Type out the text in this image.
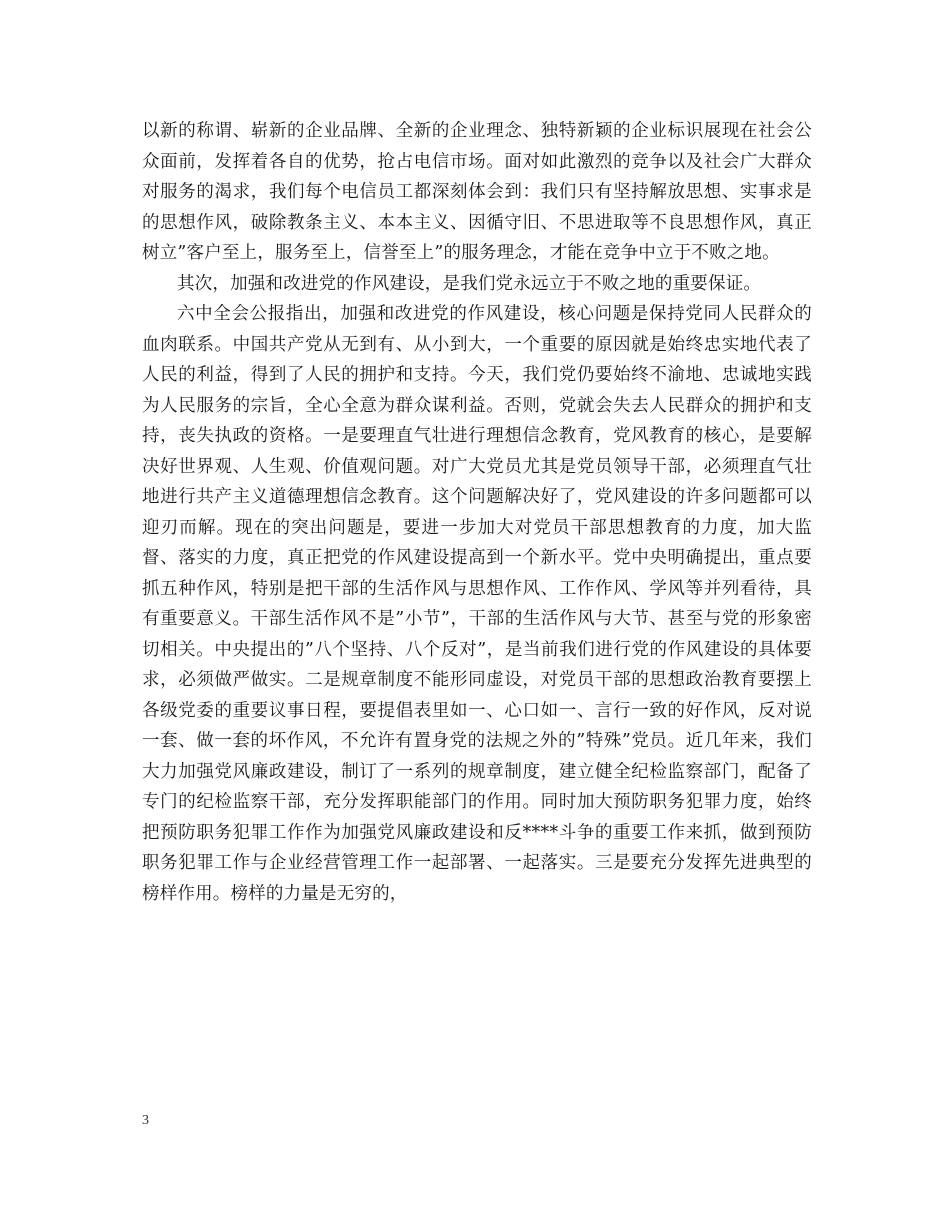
以新的称谓、崭新的企业品牌、全新的企业理念、独特新颖的企业标识展现在社会公众面前，发挥着各自的优势，抢占电信市场。面对如此激烈的竞争以及社会广大群众对服务的渴求，我们每个电信员工都深刻体会到：我们只有坚持解放思想、实事求是的思想作风，破除教条主义、本本主义、因循守旧、不思进取等不良思想作风，真正树立”客户至上，服务至上，信誉至上”的服务理念，才能在竞争中立于不败之地。

其次，加强和改进党的作风建设，是我们党永远立于不败之地的重要保证。

六中全会公报指出，加强和改进党的作风建设，核心问题是保持党同人民群众的血肉联系。中国共产党从无到有、从小到大，一个重要的原因就是始终忠实地代表了人民的利益，得到了人民的拥护和支持。今天，我们党仍要始终不渝地、忠诚地实践为人民服务的宗旨，全心全意为群众谋利益。否则，党就会失去人民群众的拥护和支持，丧失执政的资格。一是要理直气壮进行理想信念教育，党风教育的核心，是要解决好世界观、人生观、价值观问题。对广大党员尤其是党员领导干部，必须理直气壮地进行共产主义道德理想信念教育。这个问题解决好了，党风建设的许多问题都可以迎刃而解。现在的突出问题是，要进一步加大对党员干部思想教育的力度，加大监督、落实的力度，真正把党的作风建设提高到一个新水平。党中央明确提出，重点要抓五种作风，特别是把干部的生活作风与思想作风、工作作风、学风等并列看待，具有重要意义。干部生活作风不是”小节”，干部的生活作风与大节、甚至与党的形象密切相关。中央提出的”八个坚持、八个反对”，是当前我们进行党的作风建设的具体要求，必须做严做实。二是规章制度不能形同虚设，对党员干部的思想政治教育要摆上各级党委的重要议事日程，要提倡表里如一、心口如一、言行一致的好作风，反对说一套、做一套的坏作风，不允许有置身党的法规之外的”特殊”党员。近几年来，我们大力加强党风廉政建设，制订了一系列的规章制度，建立健全纪检监察部门，配备了专门的纪检监察干部，充分发挥职能部门的作用。同时加大预防职务犯罪力度，始终把预防职务犯罪工作作为加强党风廉政建设和反****斗争的重要工作来抓，做到预防职务犯罪工作与企业经营管理工作一起部署、一起落实。三是要充分发挥先进典型的榜样作用。榜样的力量是无穷的，

3
